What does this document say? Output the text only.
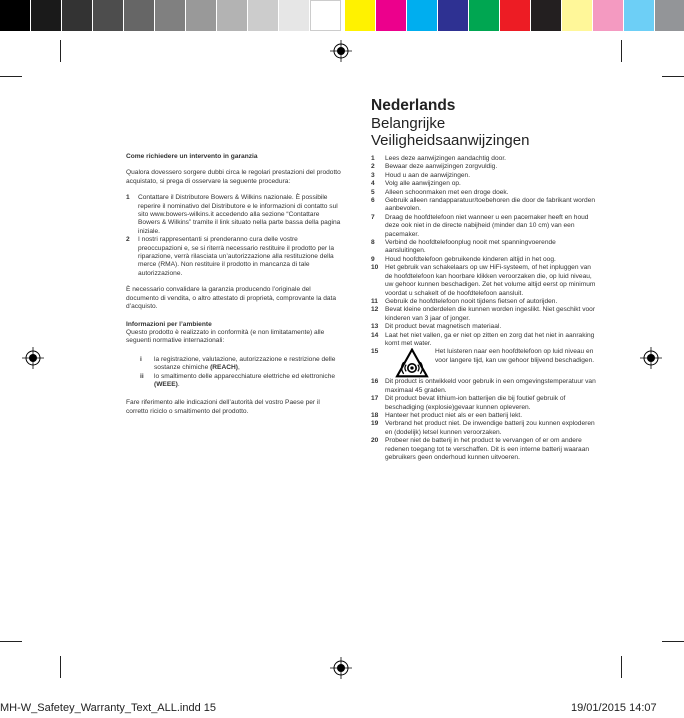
Come richiedere un intervento in garanzia

Qualora dovessero sorgere dubbi circa le regolari prestazioni del prodotto acquistato, si prega di osservare la seguente procedura:

1	Contattare il Distributore Bowers & Wilkins nazionale. È possibile reperire il nominativo del Distributore e le informazioni di contatto sul sito www.bowers-wilkins.it accedendo alla sezione “Contattare Bowers & Wilkins” tramite il link situato nella parte bassa della pagina iniziale.
2	I nostri rappresentanti si prenderanno cura delle vostre preoccupazioni e, se si riterrà necessario restituire il prodotto per la riparazione, verrà rilasciata un’autorizzazione alla restituzione della merce (RMA). Non restituire il prodotto in mancanza di tale autorizzazione.

È necessario convalidare la garanzia producendo l’originale del documento di vendita, o altro attestato di proprietà, comprovante la data d’acquisto.

Informazioni per l’ambiente

Questo prodotto è realizzato in conformità (e non limitatamente) alle seguenti normative internazionali:

i	la registrazione, valutazione, autorizzazione e restrizione delle sostanze chimiche (REACH),
ii	lo smaltimento delle apparecchiature elettriche ed elettroniche (WEEE).

Fare riferimento alle indicazioni dell’autorità del vostro Paese per il corretto riciclo o smaltimento del prodotto.

Nederlands
Belangrijke
Veiligheidsaanwijzingen
1	Lees deze aanwijzingen aandachtig door.
2	Bewaar deze aanwijzingen zorgvuldig.
3	Houd u aan de aanwijzingen.
4	Volg alle aanwijzingen op.
5	Alleen schoonmaken met een droge doek.
6	Gebruik alleen randapparatuur/toebehoren die door de fabrikant worden aanbevolen.
7	Draag de hoofdtelefoon niet wanneer u een pacemaker heeft en houd deze ook niet in de directe nabijheid (minder dan 10 cm) van een pacemaker.
8	Verbind de hoofdtelefoonplug nooit met spanningvoerende aansluitingen.
9	Houd hoofdtelefoon gebruikende kinderen altijd in het oog.
10	Het gebruik van schakelaars op uw HiFi-systeem, of het inpluggen van de hoofdtelefoon kan hoorbare klikken veroorzaken die, op luid niveau, uw gehoor kunnen beschadigen. Zet het volume altijd eerst op minimum voordat u schakelt of de hoofdtelefoon aansluit.
11	Gebruik de hoofdtelefoon nooit tijdens fietsen of autorijden.
12	Bevat kleine onderdelen die kunnen worden ingeslikt. Niet geschikt voor kinderen van 3 jaar of jonger.
13	Dit product bevat magnetisch materiaal.
14	Laat het niet vallen, ga er niet op zitten en zorg dat het niet in aanraking komt met water.
15	Het luisteren naar een hoofdtelefoon op luid niveau en voor langere tijd, kan uw gehoor blijvend beschadigen.
16	Dit product is ontwikkeld voor gebruik in een omgevingstemperatuur van maximaal 45 graden.
17	Dit product bevat lithium-ion batterijen die bij foutief gebruik of beschadiging (explosie)gevaar kunnen opleveren.
18	Hanteer het product niet als er een batterij lekt.
19	Verbrand het product niet. De inwendige batterij zou kunnen exploderen en (dodelijk) letsel kunnen veroorzaken.
20	Probeer niet de batterij in het product te vervangen of er om andere redenen toegang tot te verschaffen. Dit is een interne batterij waaraan gebruikers geen onderhoud kunnen uitvoeren.
MH-W_Safetey_Warranty_Text_ALL.indd 15	19/01/2015 14:07
